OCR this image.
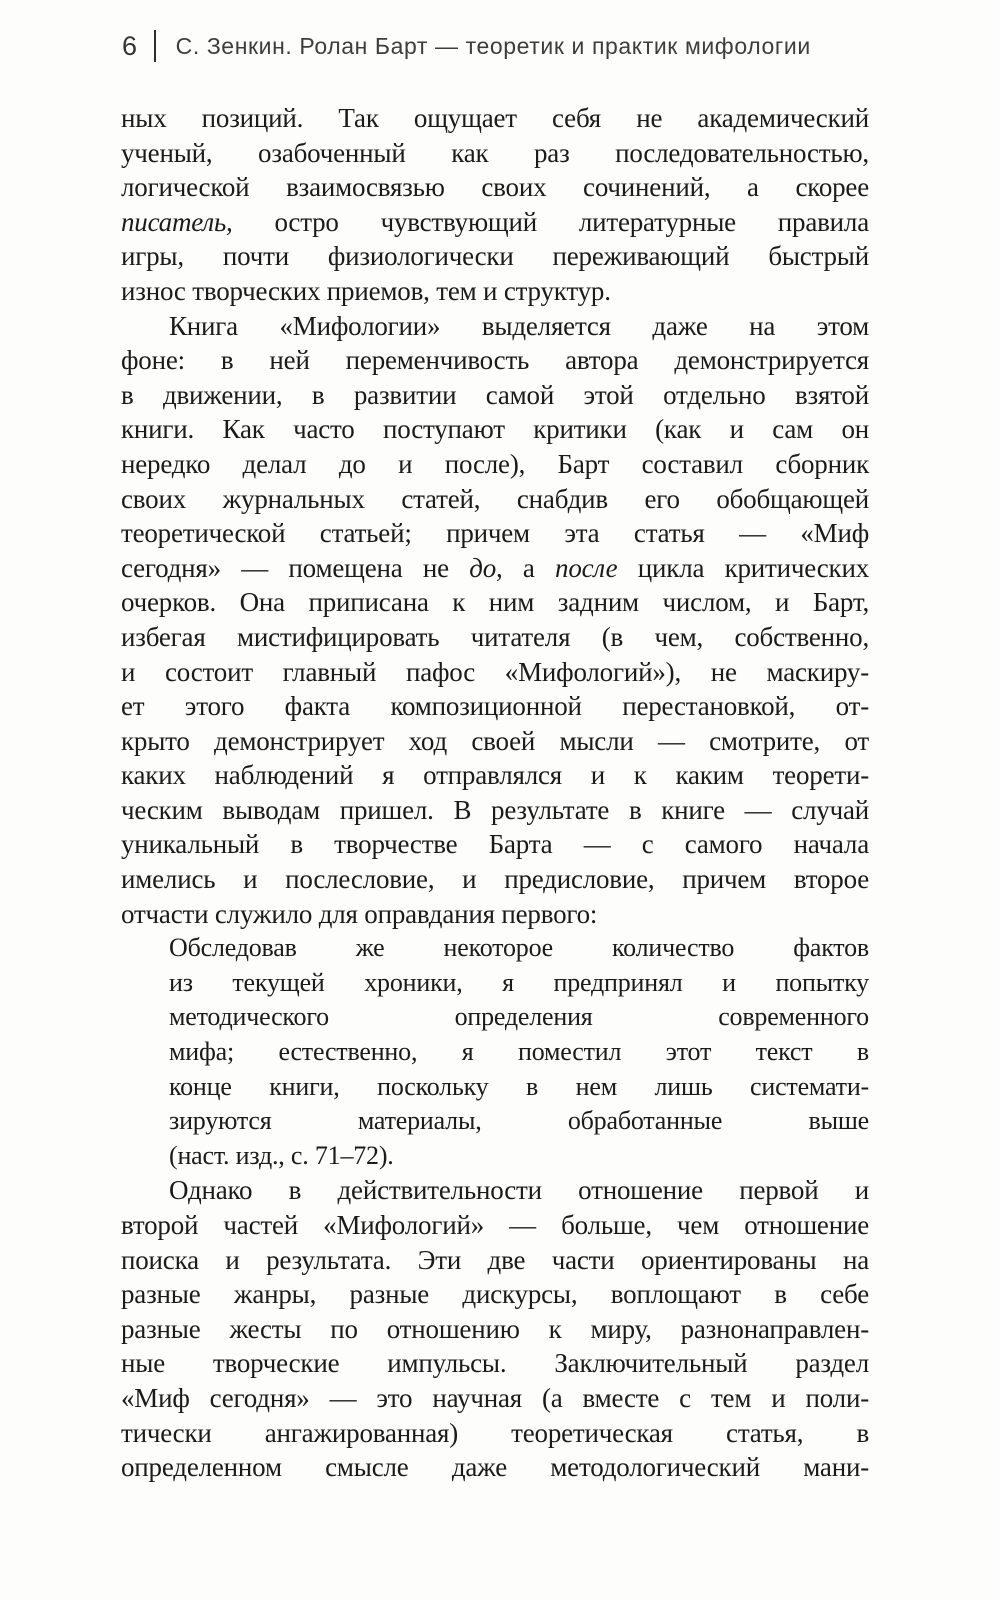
6 С. Зенкин. Ролан Барт — теоретик и практик мифологии
ных позиций. Так ощущает себя не академический
ученый, озабоченный как раз последовательностью,
логической взаимосвязью своих сочинений, а скорее
писатель, остро чувствующий литературные правила
игры, почти физиологически переживающий быстрый
износ творческих приемов, тем и структур.
Книга «Мифологии» выделяется даже на этом
фоне: в ней переменчивость автора демонстрируется
в движении, в развитии самой этой отдельно взятой
книги. Как часто поступают критики (как и сам он
нередко делал до и после), Барт составил сборник
своих журнальных статей, снабдив его обобщающей
теоретической статьей; причем эта статья — «Миф
сегодня» — помещена не до, а после цикла критических
очерков. Она приписана к ним задним числом, и Барт,
избегая мистифицировать читателя (в чем, собственно,
и состоит главный пафос «Мифологий»), не маскиру-
ет этого факта композиционной перестановкой, от-
крыто демонстрирует ход своей мысли — смотрите, от
каких наблюдений я отправлялся и к каким теорети-
ческим выводам пришел. В результате в книге — случай
уникальный в творчестве Барта — с самого начала
имелись и послесловие, и предисловие, причем второе
отчасти служило для оправдания первого:
Обследовав же некоторое количество фактов
из текущей хроники, я предпринял и попытку
методического определения современного
мифа; естественно, я поместил этот текст в
конце книги, поскольку в нем лишь системати-
зируются материалы, обработанные выше
(наст. изд., с. 71–72).
Однако в действительности отношение первой и
второй частей «Мифологий» — больше, чем отношение
поиска и результата. Эти две части ориентированы на
разные жанры, разные дискурсы, воплощают в себе
разные жесты по отношению к миру, разнонаправлен-
ные творческие импульсы. Заключительный раздел
«Миф сегодня» — это научная (а вместе с тем и поли-
тически ангажированная) теоретическая статья, в
определенном смысле даже методологический мани-
